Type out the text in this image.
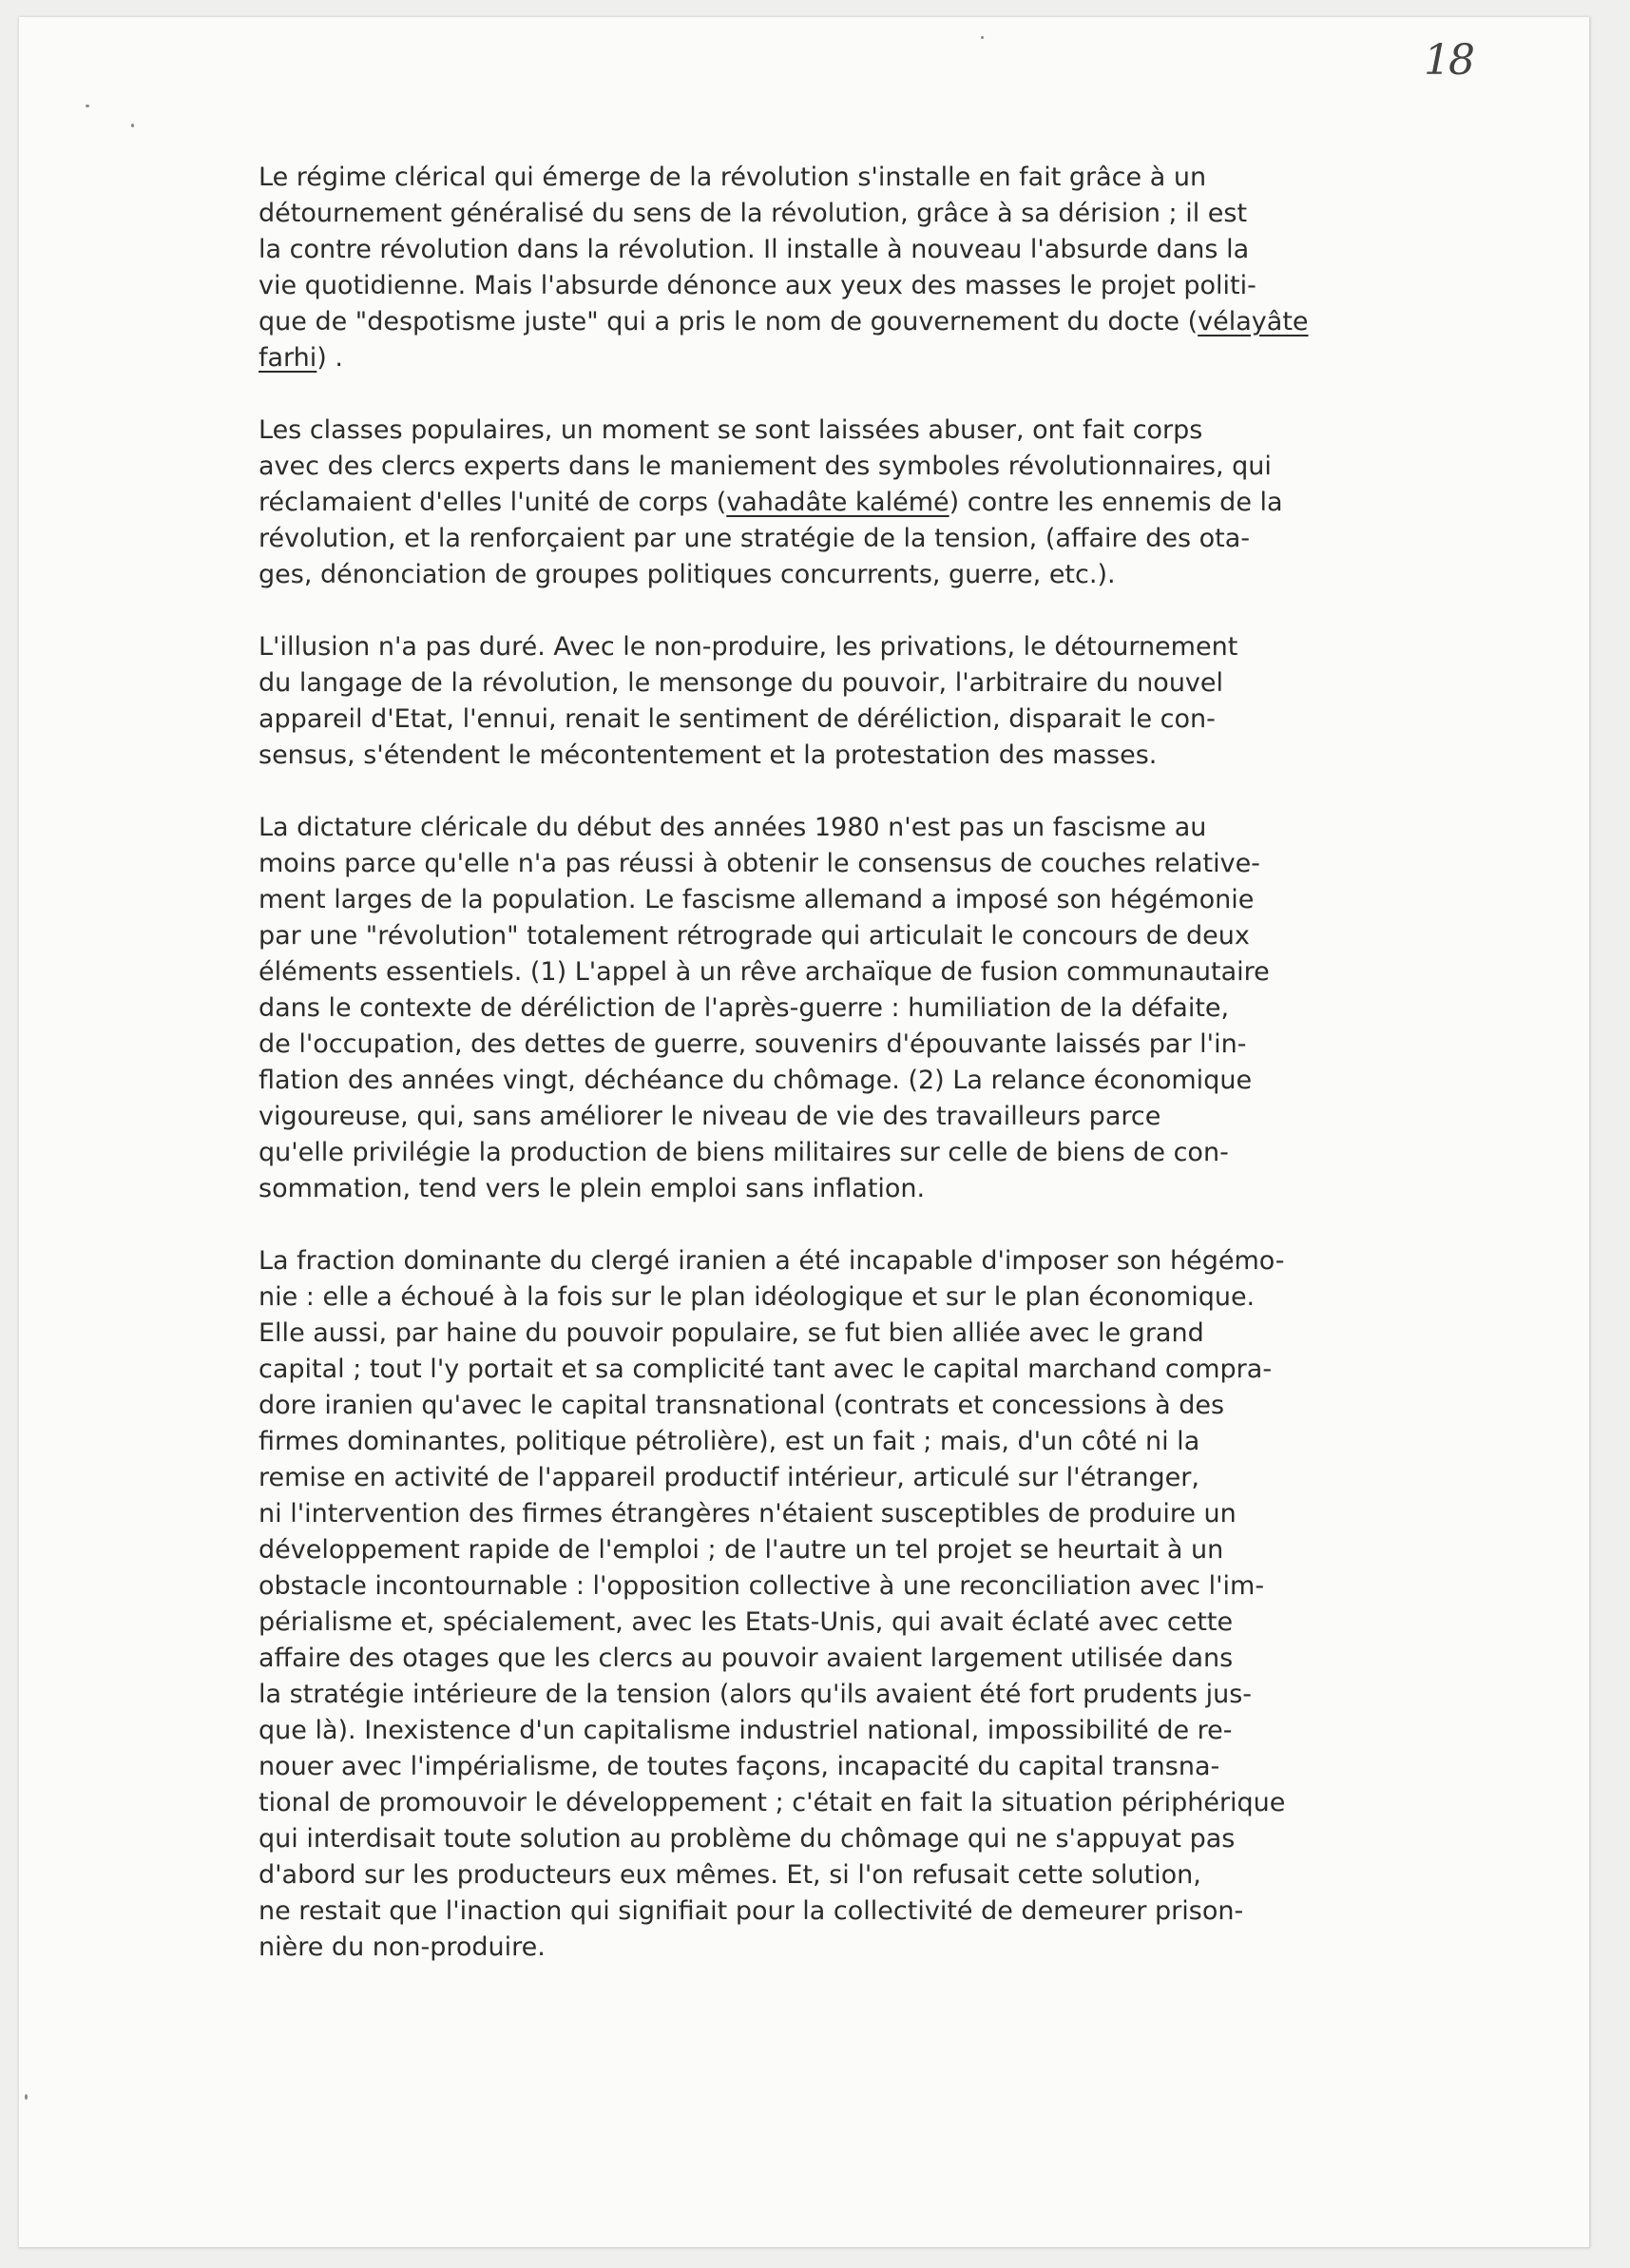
18

Le régime clérical qui émerge de la révolution s'installe en fait grâce à un
détournement généralisé du sens de la révolution, grâce à sa dérision ; il est
la contre révolution dans la révolution. Il installe à nouveau l'absurde dans la
vie quotidienne. Mais l'absurde dénonce aux yeux des masses le projet politi-
que de "despotisme juste" qui a pris le nom de gouvernement du docte (vélayâte
farhi) .

Les classes populaires, un moment se sont laissées abuser, ont fait corps
avec des clercs experts dans le maniement des symboles révolutionnaires, qui
réclamaient d'elles l'unité de corps (vahadâte kalémé) contre les ennemis de la
révolution, et la renforçaient par une stratégie de la tension, (affaire des ota-
ges, dénonciation de groupes politiques concurrents, guerre, etc.).

L'illusion n'a pas duré. Avec le non-produire, les privations, le détournement
du langage de la révolution, le mensonge du pouvoir, l'arbitraire du nouvel
appareil d'Etat, l'ennui, renait le sentiment de déréliction, disparait le con-
sensus, s'étendent le mécontentement et la protestation des masses.

La dictature cléricale du début des années 1980 n'est pas un fascisme au
moins parce qu'elle n'a pas réussi à obtenir le consensus de couches relative-
ment larges de la population. Le fascisme allemand a imposé son hégémonie
par une "révolution" totalement rétrograde qui articulait le concours de deux
éléments essentiels. (1) L'appel à un rêve archaïque de fusion communautaire
dans le contexte de déréliction de l'après-guerre : humiliation de la défaite,
de l'occupation, des dettes de guerre, souvenirs d'épouvante laissés par l'in-
flation des années vingt, déchéance du chômage. (2) La relance économique
vigoureuse, qui, sans améliorer le niveau de vie des travailleurs parce
qu'elle privilégie la production de biens militaires sur celle de biens de con-
sommation, tend vers le plein emploi sans inflation.

La fraction dominante du clergé iranien a été incapable d'imposer son hégémo-
nie : elle a échoué à la fois sur le plan idéologique et sur le plan économique.
Elle aussi, par haine du pouvoir populaire, se fut bien alliée avec le grand
capital ; tout l'y portait et sa complicité tant avec le capital marchand compra-
dore iranien qu'avec le capital transnational (contrats et concessions à des
firmes dominantes, politique pétrolière), est un fait ; mais, d'un côté ni la
remise en activité de l'appareil productif intérieur, articulé sur l'étranger,
ni l'intervention des firmes étrangères n'étaient susceptibles de produire un
développement rapide de l'emploi ; de l'autre un tel projet se heurtait à un
obstacle incontournable : l'opposition collective à une reconciliation avec l'im-
périalisme et, spécialement, avec les Etats-Unis, qui avait éclaté avec cette
affaire des otages que les clercs au pouvoir avaient largement utilisée dans
la stratégie intérieure de la tension (alors qu'ils avaient été fort prudents jus-
que là). Inexistence d'un capitalisme industriel national, impossibilité de re-
nouer avec l'impérialisme, de toutes façons, incapacité du capital transna-
tional de promouvoir le développement ; c'était en fait la situation périphérique
qui interdisait toute solution au problème du chômage qui ne s'appuyat pas
d'abord sur les producteurs eux mêmes. Et, si l'on refusait cette solution,
ne restait que l'inaction qui signifiait pour la collectivité de demeurer prison-
nière du non-produire.
